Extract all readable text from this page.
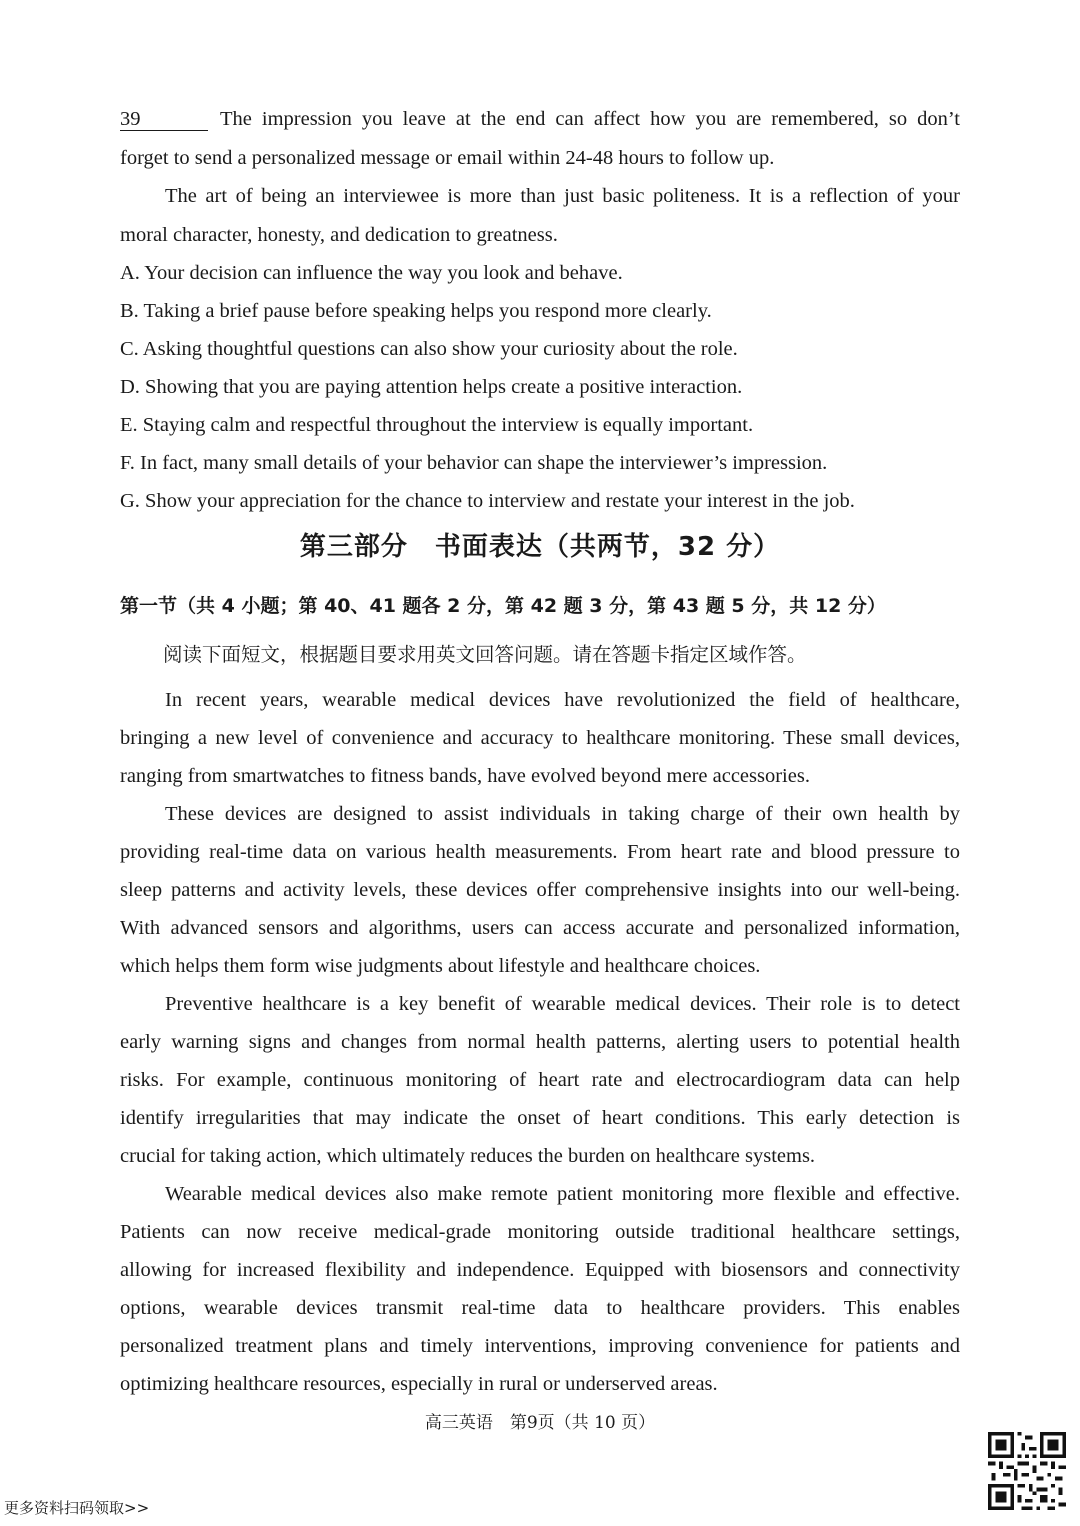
39	The impression you leave at the end can affect how you are remembered, so don’t
forget to send a personalized message or email within 24-48 hours to follow up.
The art of being an interviewee is more than just basic politeness. It is a reflection of your
moral character, honesty, and dedication to greatness.
A. Your decision can influence the way you look and behave.
B. Taking a brief pause before speaking helps you respond more clearly.
C. Asking thoughtful questions can also show your curiosity about the role.
D. Showing that you are paying attention helps create a positive interaction.
E. Staying calm and respectful throughout the interview is equally important.
F. In fact, many small details of your behavior can shape the interviewer’s impression.
G. Show your appreciation for the chance to interview and restate your interest in the job.
第三部分　书面表达（共两节，32 分）
第一节（共 4 小题；第 40、41 题各 2 分，第 42 题 3 分，第 43 题 5 分，共 12 分）
阅读下面短文，根据题目要求用英文回答问题。请在答题卡指定区域作答。
In recent years, wearable medical devices have revolutionized the field of healthcare,
bringing a new level of convenience and accuracy to healthcare monitoring. These small devices,
ranging from smartwatches to fitness bands, have evolved beyond mere accessories.
These devices are designed to assist individuals in taking charge of their own health by
providing real-time data on various health measurements. From heart rate and blood pressure to
sleep patterns and activity levels, these devices offer comprehensive insights into our well-being.
With advanced sensors and algorithms, users can access accurate and personalized information,
which helps them form wise judgments about lifestyle and healthcare choices.
Preventive healthcare is a key benefit of wearable medical devices. Their role is to detect
early warning signs and changes from normal health patterns, alerting users to potential health
risks. For example, continuous monitoring of heart rate and electrocardiogram data can help
identify irregularities that may indicate the onset of heart conditions. This early detection is
crucial for taking action, which ultimately reduces the burden on healthcare systems.
Wearable medical devices also make remote patient monitoring more flexible and effective.
Patients can now receive medical-grade monitoring outside traditional healthcare settings,
allowing for increased flexibility and independence. Equipped with biosensors and connectivity
options, wearable devices transmit real-time data to healthcare providers. This enables
personalized treatment plans and timely interventions, improving convenience for patients and
optimizing healthcare resources, especially in rural or underserved areas.
高三英语　第9页（共 10 页）
更多资料扫码领取>>
